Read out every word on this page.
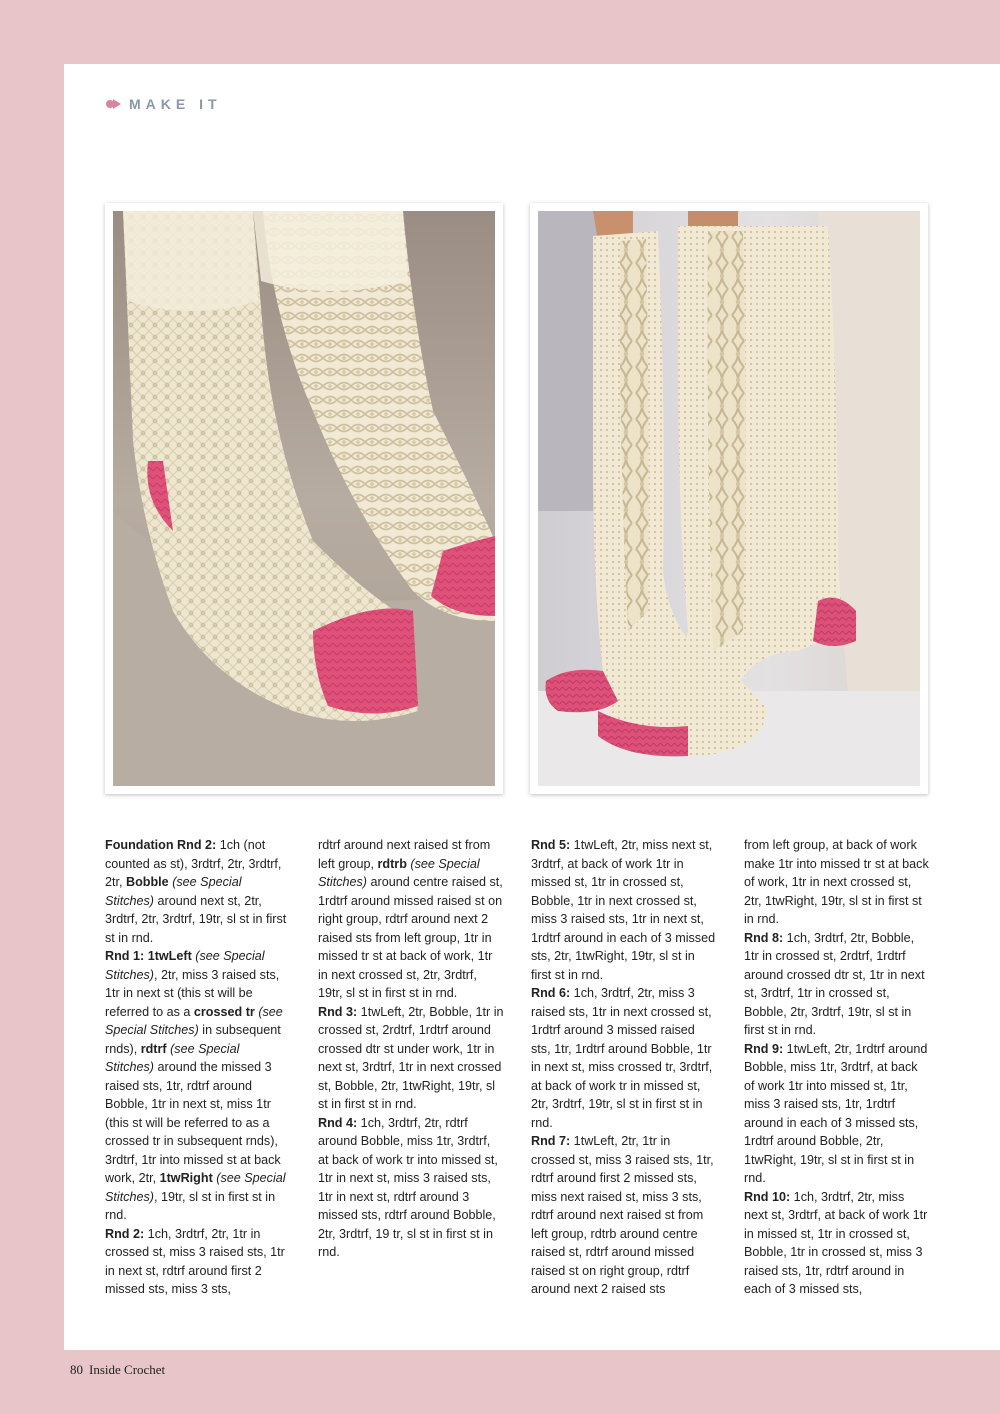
MAKE IT

Foundation Rnd 2: 1ch (not counted as st), 3rdtrf, 2tr, 3rdtrf, 2tr, Bobble (see Special Stitches) around next st, 2tr, 3rdtrf, 2tr, 3rdtrf, 19tr, sl st in first st in rnd.

Rnd 1: 1twLeft (see Special Stitches), 2tr, miss 3 raised sts, 1tr in next st (this st will be referred to as a crossed tr (see Special Stitches) in subsequent rnds), rdtrf (see Special Stitches) around the missed 3 raised sts, 1tr, rdtrf around Bobble, 1tr in next st, miss 1tr (this st will be referred to as a crossed tr in subsequent rnds), 3rdtrf, 1tr into missed st at back work, 2tr, 1twRight (see Special Stitches), 19tr, sl st in first st in rnd.

Rnd 2: 1ch, 3rdtrf, 2tr, 1tr in crossed st, miss 3 raised sts, 1tr in next st, rdtrf around first 2 missed sts, miss 3 sts,

rdtrf around next raised st from left group, rdtrb (see Special Stitches) around centre raised st, 1rdtrf around missed raised st on right group, rdtrf around next 2 raised sts from left group, 1tr in missed tr st at back of work, 1tr in next crossed st, 2tr, 3rdtrf, 19tr, sl st in first st in rnd.

Rnd 3: 1twLeft, 2tr, Bobble, 1tr in crossed st, 2rdtrf, 1rdtrf around crossed dtr st under work, 1tr in next st, 3rdtrf, 1tr in next crossed st, Bobble, 2tr, 1twRight, 19tr, sl st in first st in rnd.

Rnd 4: 1ch, 3rdtrf, 2tr, rdtrf around Bobble, miss 1tr, 3rdtrf, at back of work tr into missed st, 1tr in next st, miss 3 raised sts, 1tr in next st, rdtrf around 3 missed sts, rdtrf around Bobble, 2tr, 3rdtrf, 19 tr, sl st in first st in rnd.

Rnd 5: 1twLeft, 2tr, miss next st, 3rdtrf, at back of work 1tr in missed st, 1tr in crossed st, Bobble, 1tr in next crossed st, miss 3 raised sts, 1tr in next st, 1rdtrf around in each of 3 missed sts, 2tr, 1twRight, 19tr, sl st in first st in rnd.

Rnd 6: 1ch, 3rdtrf, 2tr, miss 3 raised sts, 1tr in next crossed st, 1rdtrf around 3 missed raised sts, 1tr, 1rdtrf around Bobble, 1tr in next st, miss crossed tr, 3rdtrf, at back of work tr in missed st, 2tr, 3rdtrf, 19tr, sl st in first st in rnd.

Rnd 7: 1twLeft, 2tr, 1tr in crossed st, miss 3 raised sts, 1tr, rdtrf around first 2 missed sts, miss next raised st, miss 3 sts, rdtrf around next raised st from left group, rdtrb around centre raised st, rdtrf around missed raised st on right group, rdtrf around next 2 raised sts

from left group, at back of work make 1tr into missed tr st at back of work, 1tr in next crossed st, 2tr, 1twRight, 19tr, sl st in first st in rnd.

Rnd 8: 1ch, 3rdtrf, 2tr, Bobble, 1tr in crossed st, 2rdtrf, 1rdtrf around crossed dtr st, 1tr in next st, 3rdtrf, 1tr in crossed st, Bobble, 2tr, 3rdtrf, 19tr, sl st in first st in rnd.

Rnd 9: 1twLeft, 2tr, 1rdtrf around Bobble, miss 1tr, 3rdtrf, at back of work 1tr into missed st, 1tr, miss 3 raised sts, 1tr, 1rdtrf around in each of 3 missed sts, 1rdtrf around Bobble, 2tr, 1twRight, 19tr, sl st in first st in rnd.

Rnd 10: 1ch, 3rdtrf, 2tr, miss next st, 3rdtrf, at back of work 1tr in missed st, 1tr in crossed st, Bobble, 1tr in crossed st, miss 3 raised sts, 1tr, rdtrf around in each of 3 missed sts,

80 Inside Crochet
